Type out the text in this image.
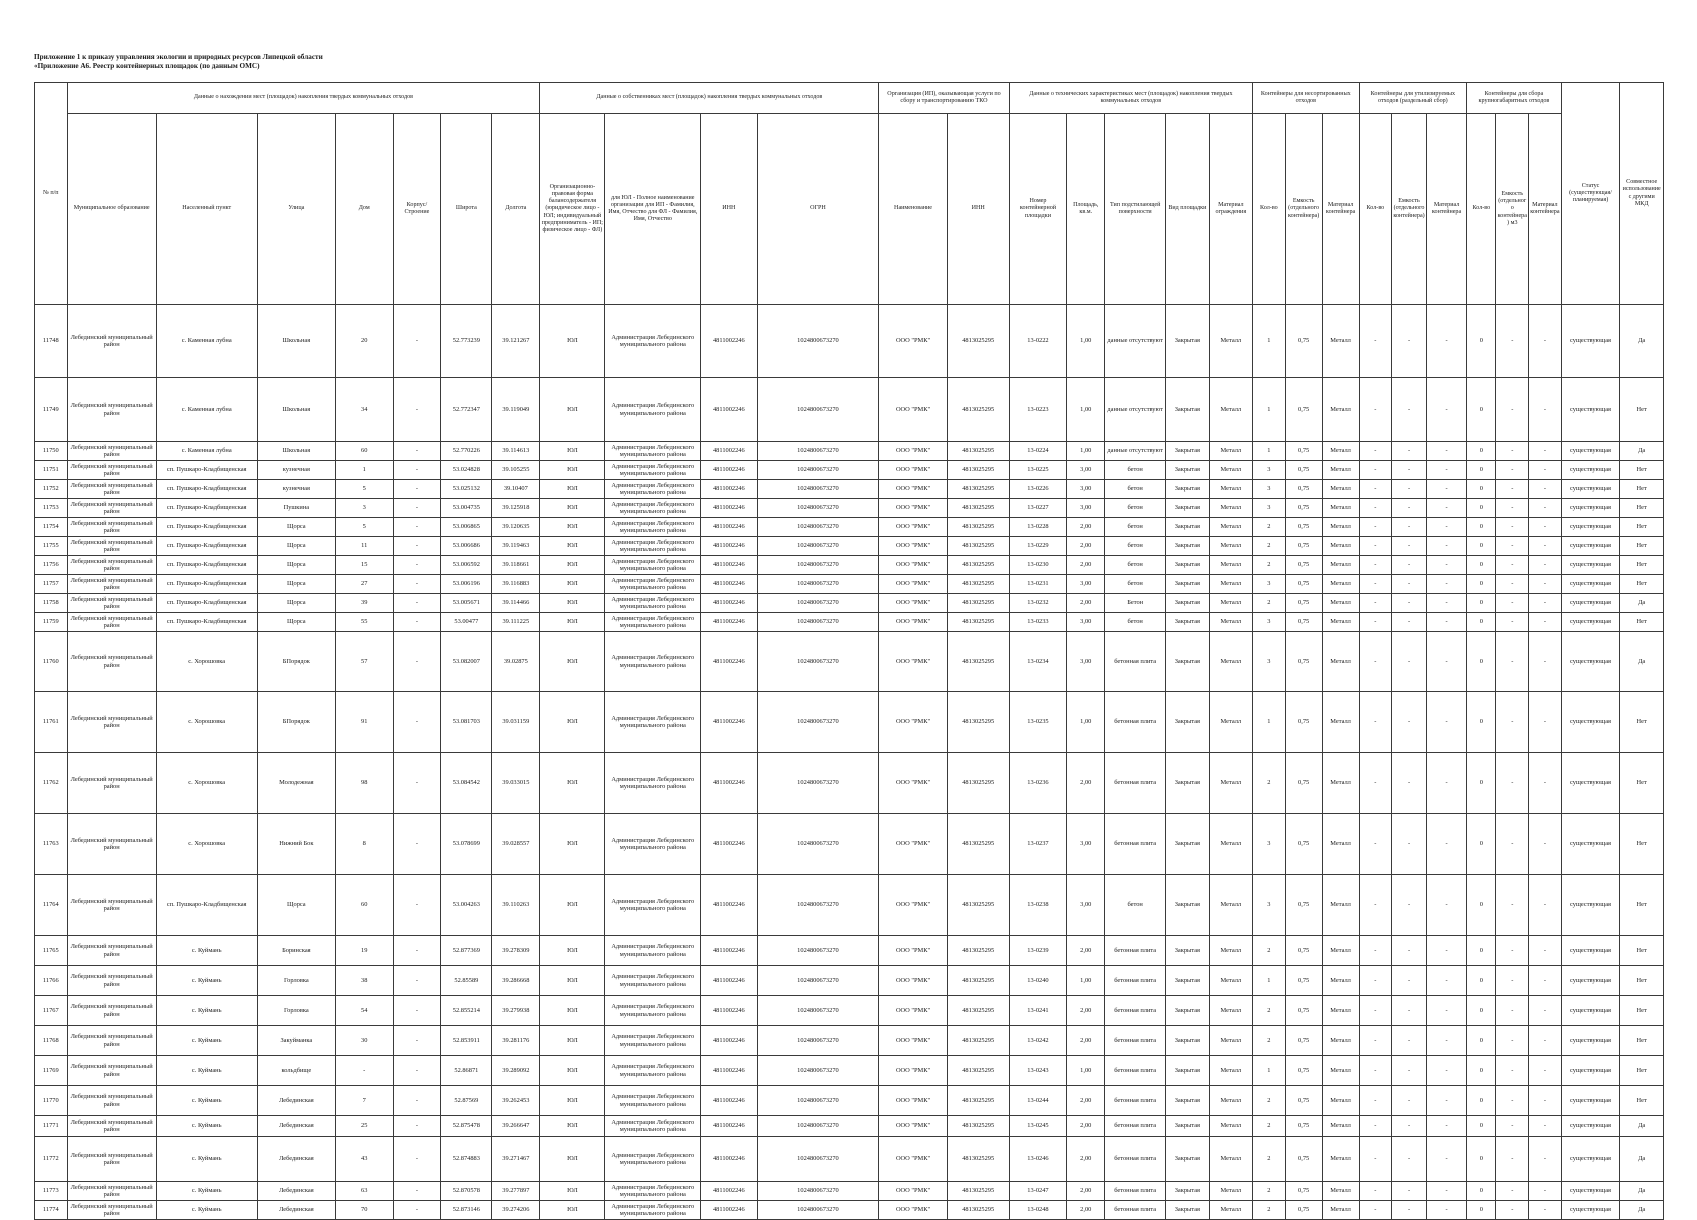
Приложение 1 к приказу управления экологии и природных ресурсов Липецкой области
«Приложение А6. Реестр контейнерных площадок (по данным ОМС)
№ п/п	Данные о нахождении мест (площадок) накопления твердых коммунальных отходов							Данные о собственниках мест (площадок) накопления твердых коммунальных отходов				Организация (ИП), оказывающая услуги по сбору и транспортированию ТКО		Данные о технических характеристиках мест (площадок) накопления твердых коммунальных отходов					Контейнеры для несортированных отходов			Контейнеры для утилизируемых отходов (раздельный сбор)			Контейнеры для сбора крупногабаритных отходов			Статус (существующая/ планируемая)	Совместное использование с другими МКД
	Муниципальное образование	Населенный пункт	Улица	Дом	Корпус/Строение	Широта	Долгота	Организационно-правовая форма балансодержателя (юридическое лицо - ЮЛ; индивидуальный предприниматель - ИП; физическое лицо - ФЛ)	для ЮЛ - Полное наименование организации для ИП - Фамилия, Имя, Отчество для ФЛ - Фамилия, Имя, Отчество	ИНН	ОГРН	Наименование	ИНН	Номер контейнерной площадки	Площадь, кв.м.	Тип подстилающей поверхности	Вид площадки	Материал ограждения	Кол-во	Емкость (отдельного контейнера)	Материал контейнера	Кол-во	Емкость (отдельного контейнера)	Материал контейнера	Кол-во	Емкость (отдельного контейнера) м3	Материал контейнера		
11748	Лебединский муниципальный район	с. Каменная лубна	Школьная	20	-	52.773239	39.121267	ЮЛ	Администрация Лебединского муниципального района	4811002246	1024800673270	ООО "РМК"	4813025295	13-0222	1,00	данные отсутствуют	Закрытая	Металл	1	0,75	Металл	-	-	-	0	-	-	существующая	Да
11749	Лебединский муниципальный район	с. Каменная лубна	Школьная	34	-	52.772347	39.119049	ЮЛ	Администрация Лебединского муниципального района	4811002246	1024800673270	ООО "РМК"	4813025295	13-0223	1,00	данные отсутствуют	Закрытая	Металл	1	0,75	Металл	-	-	-	0	-	-	существующая	Нет
11750	Лебединский муниципальный район	с. Каменная лубна	Школьная	60	-	52.770226	39.114613	ЮЛ	Администрация Лебединского муниципального района	4811002246	1024800673270	ООО "РМК"	4813025295	13-0224	1,00	данные отсутствуют	Закрытая	Металл	1	0,75	Металл	-	-	-	0	-	-	существующая	Да
11751	Лебединский муниципальный район	сп. Пушкаро-Кладбищенская	кузнечная	1	-	53.024828	39.105255	ЮЛ	Администрация Лебединского муниципального района	4811002246	1024800673270	ООО "РМК"	4813025295	13-0225	3,00	бетон	Закрытая	Металл	3	0,75	Металл	-	-	-	0	-	-	существующая	Нет
11752	Лебединский муниципальный район	сп. Пушкаро-Кладбищенская	кузнечная	5	-	53.025132	39.10407	ЮЛ	Администрация Лебединского муниципального района	4811002246	1024800673270	ООО "РМК"	4813025295	13-0226	3,00	бетон	Закрытая	Металл	3	0,75	Металл	-	-	-	0	-	-	существующая	Нет
11753	Лебединский муниципальный район	сп. Пушкаро-Кладбищенская	Пушкина	3	-	53.004735	39.125918	ЮЛ	Администрация Лебединского муниципального района	4811002246	1024800673270	ООО "РМК"	4813025295	13-0227	3,00	бетон	Закрытая	Металл	3	0,75	Металл	-	-	-	0	-	-	существующая	Нет
11754	Лебединский муниципальный район	сп. Пушкаро-Кладбищенская	Щорса	5	-	53.006865	39.120635	ЮЛ	Администрация Лебединского муниципального района	4811002246	1024800673270	ООО "РМК"	4813025295	13-0228	2,00	бетон	Закрытая	Металл	2	0,75	Металл	-	-	-	0	-	-	существующая	Нет
11755	Лебединский муниципальный район	сп. Пушкаро-Кладбищенская	Щорса	11	-	53.006686	39.119463	ЮЛ	Администрация Лебединского муниципального района	4811002246	1024800673270	ООО "РМК"	4813025295	13-0229	2,00	бетон	Закрытая	Металл	2	0,75	Металл	-	-	-	0	-	-	существующая	Нет
11756	Лебединский муниципальный район	сп. Пушкаро-Кладбищенская	Щорса	15	-	53.006592	39.118661	ЮЛ	Администрация Лебединского муниципального района	4811002246	1024800673270	ООО "РМК"	4813025295	13-0230	2,00	бетон	Закрытая	Металл	2	0,75	Металл	-	-	-	0	-	-	существующая	Нет
11757	Лебединский муниципальный район	сп. Пушкаро-Кладбищенская	Щорса	27	-	53.006196	39.116883	ЮЛ	Администрация Лебединского муниципального района	4811002246	1024800673270	ООО "РМК"	4813025295	13-0231	3,00	бетон	Закрытая	Металл	3	0,75	Металл	-	-	-	0	-	-	существующая	Нет
11758	Лебединский муниципальный район	сп. Пушкаро-Кладбищенская	Щорса	39	-	53.005671	39.114466	ЮЛ	Администрация Лебединского муниципального района	4811002246	1024800673270	ООО "РМК"	4813025295	13-0232	2,00	Бетон	Закрытая	Металл	2	0,75	Металл	-	-	-	0	-	-	существующая	Да
11759	Лебединский муниципальный район	сп. Пушкаро-Кладбищенская	Щорса	55	-	53.00477	39.111225	ЮЛ	Администрация Лебединского муниципального района	4811002246	1024800673270	ООО "РМК"	4813025295	13-0233	3,00	бетон	Закрытая	Металл	3	0,75	Металл	-	-	-	0	-	-	существующая	Нет
11760	Лебединский муниципальный район	с. Хорошовка	БПорядок	57	-	53.082007	39.02875	ЮЛ	Администрация Лебединского муниципального района	4811002246	1024800673270	ООО "РМК"	4813025295	13-0234	3,00	бетонная плита	Закрытая	Металл	3	0,75	Металл	-	-	-	0	-	-	существующая	Да
11761	Лебединский муниципальный район	с. Хорошовка	БПорядок	91	-	53.081703	39.031159	ЮЛ	Администрация Лебединского муниципального района	4811002246	1024800673270	ООО "РМК"	4813025295	13-0235	1,00	бетонная плита	Закрытая	Металл	1	0,75	Металл	-	-	-	0	-	-	существующая	Нет
11762	Лебединский муниципальный район	с. Хорошовка	Молодежная	98	-	53.084542	39.033015	ЮЛ	Администрация Лебединского муниципального района	4811002246	1024800673270	ООО "РМК"	4813025295	13-0236	2,00	бетонная плита	Закрытая	Металл	2	0,75	Металл	-	-	-	0	-	-	существующая	Нет
11763	Лебединский муниципальный район	с. Хорошовка	Нижний Бок	8	-	53.078699	39.028557	ЮЛ	Администрация Лебединского муниципального района	4811002246	1024800673270	ООО "РМК"	4813025295	13-0237	3,00	бетонная плита	Закрытая	Металл	3	0,75	Металл	-	-	-	0	-	-	существующая	Нет
11764	Лебединский муниципальный район	сп. Пушкаро-Кладбищенская	Щорса	60	-	53.004263	39.110263	ЮЛ	Администрация Лебединского муниципального района	4811002246	1024800673270	ООО "РМК"	4813025295	13-0238	3,00	бетон	Закрытая	Металл	3	0,75	Металл	-	-	-	0	-	-	существующая	Нет
11765	Лебединский муниципальный район	с. Куймань	Боринская	19	-	52.877369	39.278309	ЮЛ	Администрация Лебединского муниципального района	4811002246	1024800673270	ООО "РМК"	4813025295	13-0239	2,00	бетонная плита	Закрытая	Металл	2	0,75	Металл	-	-	-	0	-	-	существующая	Нет
11766	Лебединский муниципальный район	с. Куймань	Горловка	38	-	52.85589	39.286668	ЮЛ	Администрация Лебединского муниципального района	4811002246	1024800673270	ООО "РМК"	4813025295	13-0240	1,00	бетонная плита	Закрытая	Металл	1	0,75	Металл	-	-	-	0	-	-	существующая	Нет
11767	Лебединский муниципальный район	с. Куймань	Горловка	54	-	52.855214	39.279938	ЮЛ	Администрация Лебединского муниципального района	4811002246	1024800673270	ООО "РМК"	4813025295	13-0241	2,00	бетонная плита	Закрытая	Металл	2	0,75	Металл	-	-	-	0	-	-	существующая	Нет
11768	Лебединский муниципальный район	с. Куймань	Закуйманка	30	-	52.853911	39.281176	ЮЛ	Администрация Лебединского муниципального района	4811002246	1024800673270	ООО "РМК"	4813025295	13-0242	2,00	бетонная плита	Закрытая	Металл	2	0,75	Металл	-	-	-	0	-	-	существующая	Нет
11769	Лебединский муниципальный район	с. Куймань	кольдбище	-	-	52.86871	39.289092	ЮЛ	Администрация Лебединского муниципального района	4811002246	1024800673270	ООО "РМК"	4813025295	13-0243	1,00	бетонная плита	Закрытая	Металл	1	0,75	Металл	-	-	-	0	-	-	существующая	Нет
11770	Лебединский муниципальный район	с. Куймань	Лебединская	7	-	52.87569	39.262453	ЮЛ	Администрация Лебединского муниципального района	4811002246	1024800673270	ООО "РМК"	4813025295	13-0244	2,00	бетонная плита	Закрытая	Металл	2	0,75	Металл	-	-	-	0	-	-	существующая	Нет
11771	Лебединский муниципальный район	с. Куймань	Лебединская	25	-	52.875478	39.266647	ЮЛ	Администрация Лебединского муниципального района	4811002246	1024800673270	ООО "РМК"	4813025295	13-0245	2,00	бетонная плита	Закрытая	Металл	2	0,75	Металл	-	-	-	0	-	-	существующая	Да
11772	Лебединский муниципальный район	с. Куймань	Лебединская	43	-	52.874883	39.271467	ЮЛ	Администрация Лебединского муниципального района	4811002246	1024800673270	ООО "РМК"	4813025295	13-0246	2,00	бетонная плита	Закрытая	Металл	2	0,75	Металл	-	-	-	0	-	-	существующая	Да
11773	Лебединский муниципальный район	с. Куймань	Лебединская	63	-	52.870578	39.277897	ЮЛ	Администрация Лебединского муниципального района	4811002246	1024800673270	ООО "РМК"	4813025295	13-0247	2,00	бетонная плита	Закрытая	Металл	2	0,75	Металл	-	-	-	0	-	-	существующая	Да
11774	Лебединский муниципальный район	с. Куймань	Лебединская	70	-	52.873146	39.274206	ЮЛ	Администрация Лебединского муниципального района	4811002246	1024800673270	ООО "РМК"	4813025295	13-0248	2,00	бетонная плита	Закрытая	Металл	2	0,75	Металл	-	-	-	0	-	-	существующая	Да
